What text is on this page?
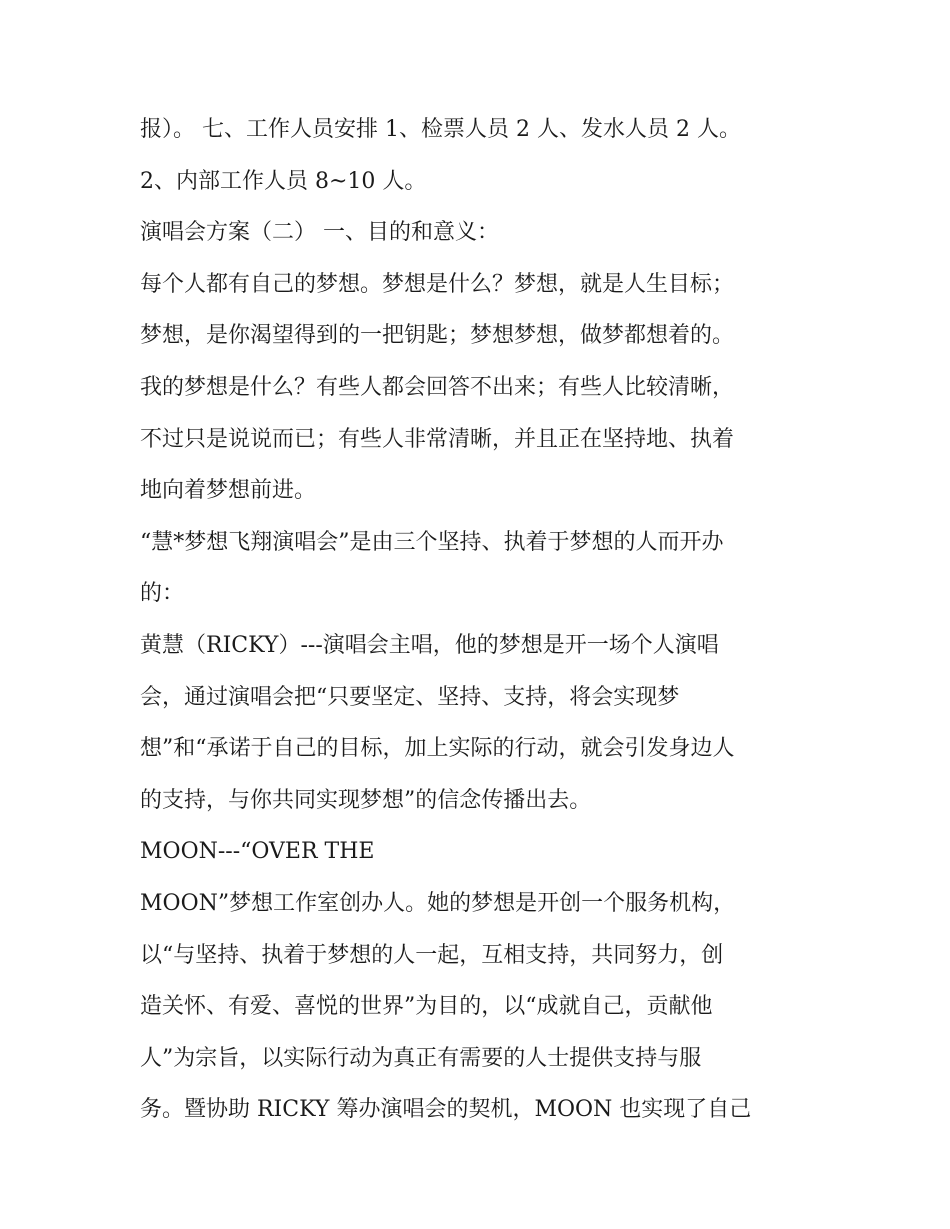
报）。 七、工作人员安排 1、检票人员 2 人、发水人员 2 人。
2、内部工作人员 8~10 人。
演唱会方案（二） 一、目的和意义：
每个人都有自己的梦想。梦想是什么？梦想，就是人生目标；
梦想，是你渴望得到的一把钥匙；梦想梦想，做梦都想着的。
我的梦想是什么？有些人都会回答不出来；有些人比较清晰，
不过只是说说而已；有些人非常清晰，并且正在坚持地、执着
地向着梦想前进。
“慧*梦想飞翔演唱会”是由三个坚持、执着于梦想的人而开办
的：
黄慧（RICKY）---演唱会主唱，他的梦想是开一场个人演唱
会，通过演唱会把“只要坚定、坚持、支持，将会实现梦
想”和“承诺于自己的目标，加上实际的行动，就会引发身边人
的支持，与你共同实现梦想”的信念传播出去。
MOON---“OVER THE
MOON”梦想工作室创办人。她的梦想是开创一个服务机构，
以“与坚持、执着于梦想的人一起，互相支持，共同努力，创
造关怀、有爱、喜悦的世界”为目的，以“成就自己，贡献他
人”为宗旨，以实际行动为真正有需要的人士提供支持与服
务。暨协助 RICKY 筹办演唱会的契机，MOON 也实现了自己
